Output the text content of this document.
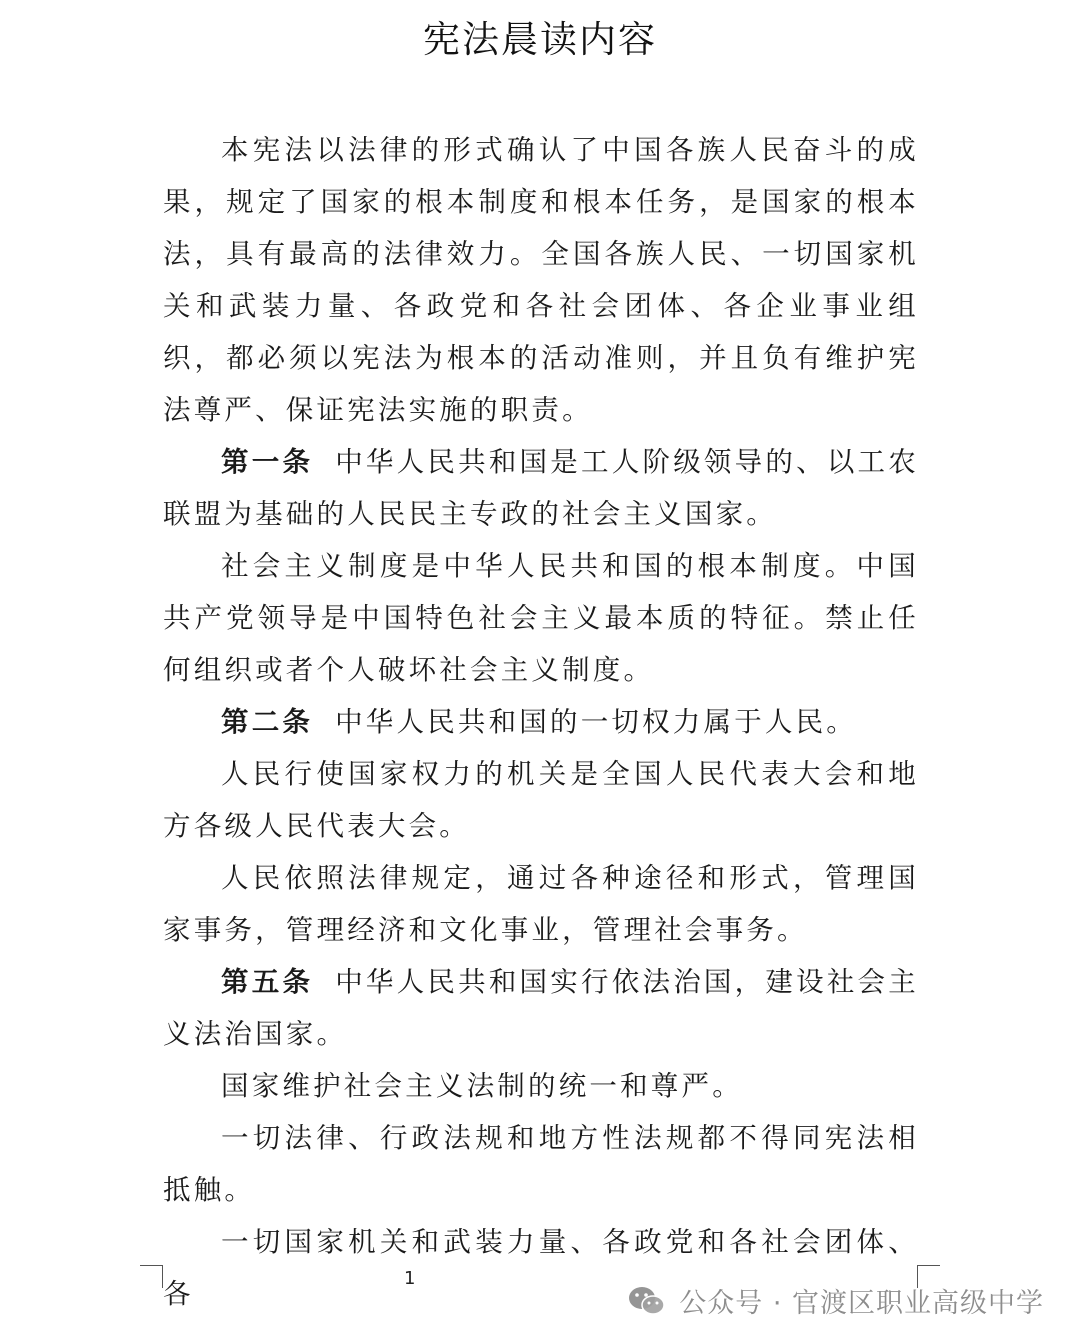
宪法晨读内容

本宪法以法律的形式确认了中国各族人民奋斗的成果，规定了国家的根本制度和根本任务，是国家的根本法，具有最高的法律效力。全国各族人民、一切国家机关和武装力量、各政党和各社会团体、各企业事业组织，都必须以宪法为根本的活动准则，并且负有维护宪法尊严、保证宪法实施的职责。

第一条 中华人民共和国是工人阶级领导的、以工农联盟为基础的人民民主专政的社会主义国家。

社会主义制度是中华人民共和国的根本制度。中国共产党领导是中国特色社会主义最本质的特征。禁止任何组织或者个人破坏社会主义制度。

第二条 中华人民共和国的一切权力属于人民。

人民行使国家权力的机关是全国人民代表大会和地方各级人民代表大会。

人民依照法律规定，通过各种途径和形式，管理国家事务，管理经济和文化事业，管理社会事务。

第五条 中华人民共和国实行依法治国，建设社会主义法治国家。

国家维护社会主义法制的统一和尊严。

一切法律、行政法规和地方性法规都不得同宪法相抵触。

一切国家机关和武装力量、各政党和各社会团体、各	1
公众号 · 官渡区职业高级中学
